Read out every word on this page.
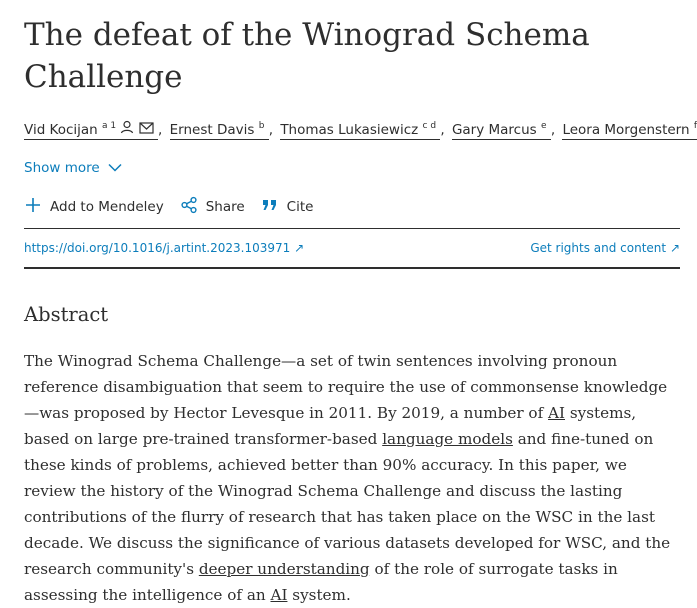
The defeat of the Winograd Schema Challenge
Vid Kocijan $^{a 1}$	, Ernest Davis $^b$ , Thomas Lukasiewicz $^{c d}$ , Gary Marcus $^e$ , Leora Morgenstern $^f$
Show more
Add to Mendeley	Share	Cite
https://doi.org/10.1016/j.artint.2023.103971 ↗	Get rights and content ↗
Abstract

The Winograd Schema Challenge—a set of twin sentences involving pronoun reference disambiguation that seem to require the use of commonsense knowledge—was proposed by Hector Levesque in 2011. By 2019, a number of AI systems, based on large pre-trained transformer-based language models and fine-tuned on these kinds of problems, achieved better than 90% accuracy. In this paper, we review the history of the Winograd Schema Challenge and discuss the lasting contributions of the flurry of research that has taken place on the WSC in the last decade. We discuss the significance of various datasets developed for WSC, and the research community's deeper understanding of the role of surrogate tasks in assessing the intelligence of an AI system.
